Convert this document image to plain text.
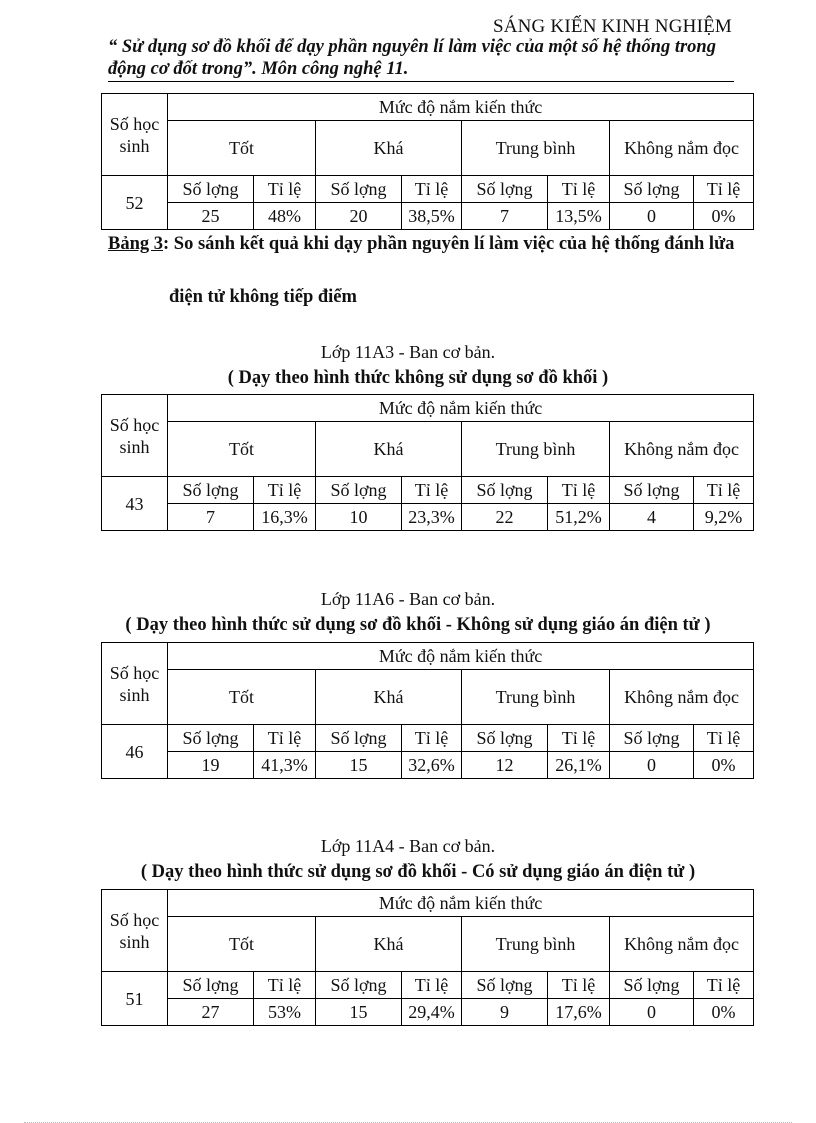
SÁNG KIẾN KINH NGHIỆM
“ Sử dụng sơ đồ khối để dạy phần nguyên lí làm việc của một số hệ thống trong động cơ đốt trong”. Môn công nghệ 11.
Số học sinh	Mức độ nắm kiến thức							
	Tốt		Khá		Trung bình		Không nắm đọc	
52	Số lợng	Tỉ lệ	Số lợng	Tỉ lệ	Số lợng	Tỉ lệ	Số lợng	Tỉ lệ
	25	48%	20	38,5%	7	13,5%	0	0%
Bảng 3: So sánh kết quả khi dạy phần nguyên lí làm việc của hệ thống đánh lửa
điện tử không tiếp điểm
Lớp 11A3 - Ban cơ bản.
( Dạy theo hình thức không sử dụng sơ đồ khối )
Số học sinh	Mức độ nắm kiến thức							
	Tốt		Khá		Trung bình		Không nắm đọc	
43	Số lợng	Tỉ lệ	Số lợng	Tỉ lệ	Số lợng	Tỉ lệ	Số lợng	Tỉ lệ
	7	16,3%	10	23,3%	22	51,2%	4	9,2%
Lớp 11A6 - Ban cơ bản.
( Dạy theo hình thức sử dụng sơ đồ khối - Không sử dụng giáo án điện tử )
Số học sinh	Mức độ nắm kiến thức							
	Tốt		Khá		Trung bình		Không nắm đọc	
46	Số lợng	Tỉ lệ	Số lợng	Tỉ lệ	Số lợng	Tỉ lệ	Số lợng	Tỉ lệ
	19	41,3%	15	32,6%	12	26,1%	0	0%
Lớp 11A4 - Ban cơ bản.
( Dạy theo hình thức sử dụng sơ đồ khối - Có sử dụng giáo án điện tử )
Số học sinh	Mức độ nắm kiến thức							
	Tốt		Khá		Trung bình		Không nắm đọc	
51	Số lợng	Tỉ lệ	Số lợng	Tỉ lệ	Số lợng	Tỉ lệ	Số lợng	Tỉ lệ
	27	53%	15	29,4%	9	17,6%	0	0%
